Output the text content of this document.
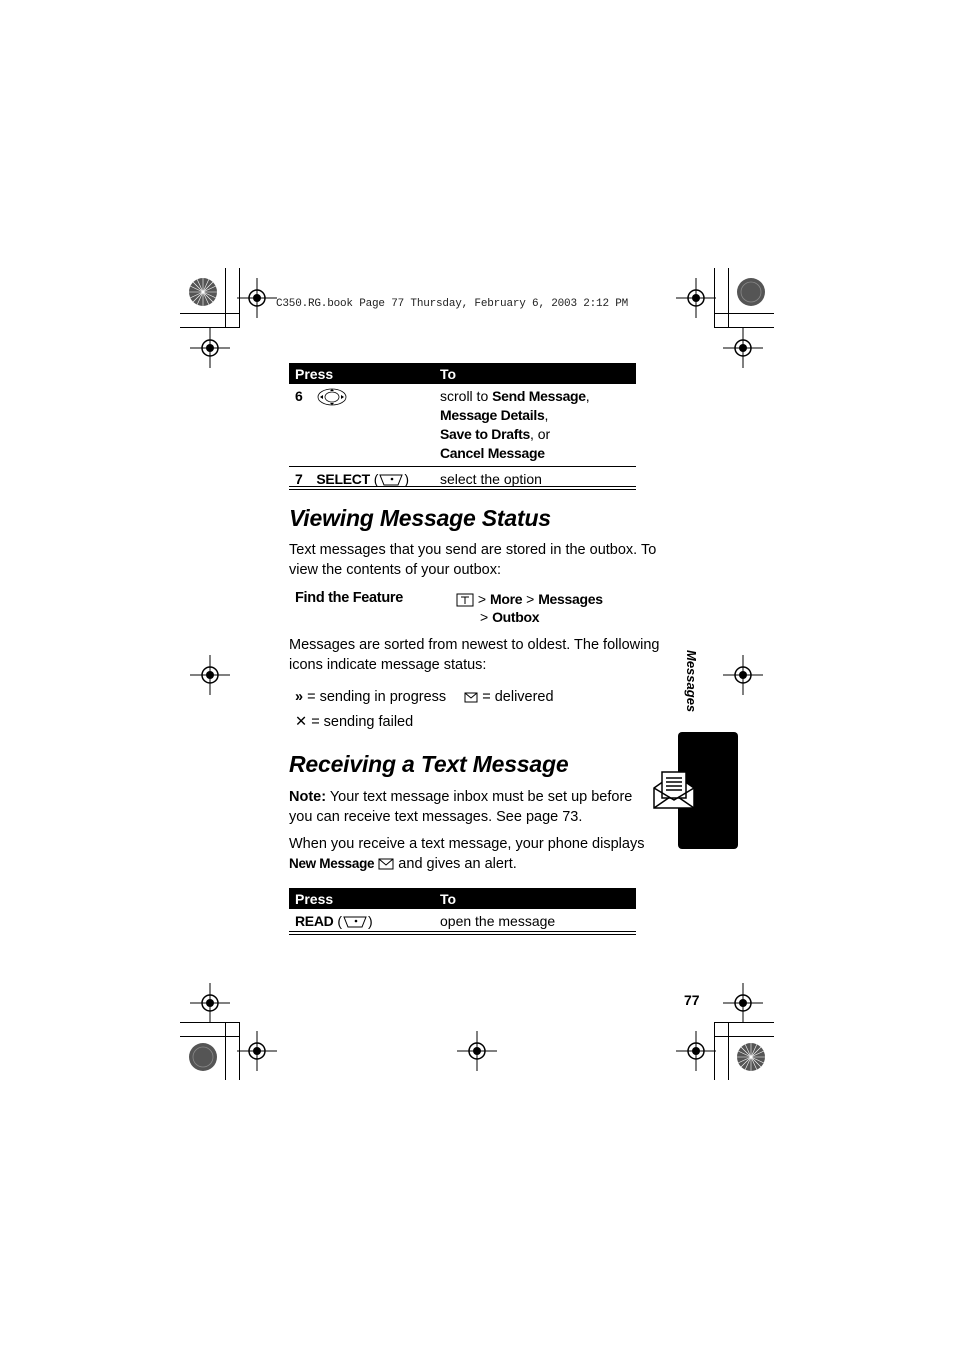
C350.RG.book Page 77 Thursday, February 6, 2003 2:12 PM
Press	To
6	scroll to Send Message,
Message Details,
Save to Drafts, or
Cancel Message
7 SELECT ( )	select the option
Viewing Message Status

Text messages that you send are stored in the outbox. To view the contents of your outbox:

Find the Feature	> More > Messages
> Outbox

Messages are sorted from newest to oldest. The following icons indicate message status:

» = sending in progress = delivered
✕ = sending failed
Receiving a Text Message

Note: Your text message inbox must be set up before you can receive text messages. See page 73.

When you receive a text message, your phone displays New Message  and gives an alert.

Press	To
READ ( )	open the message
Messages
77
